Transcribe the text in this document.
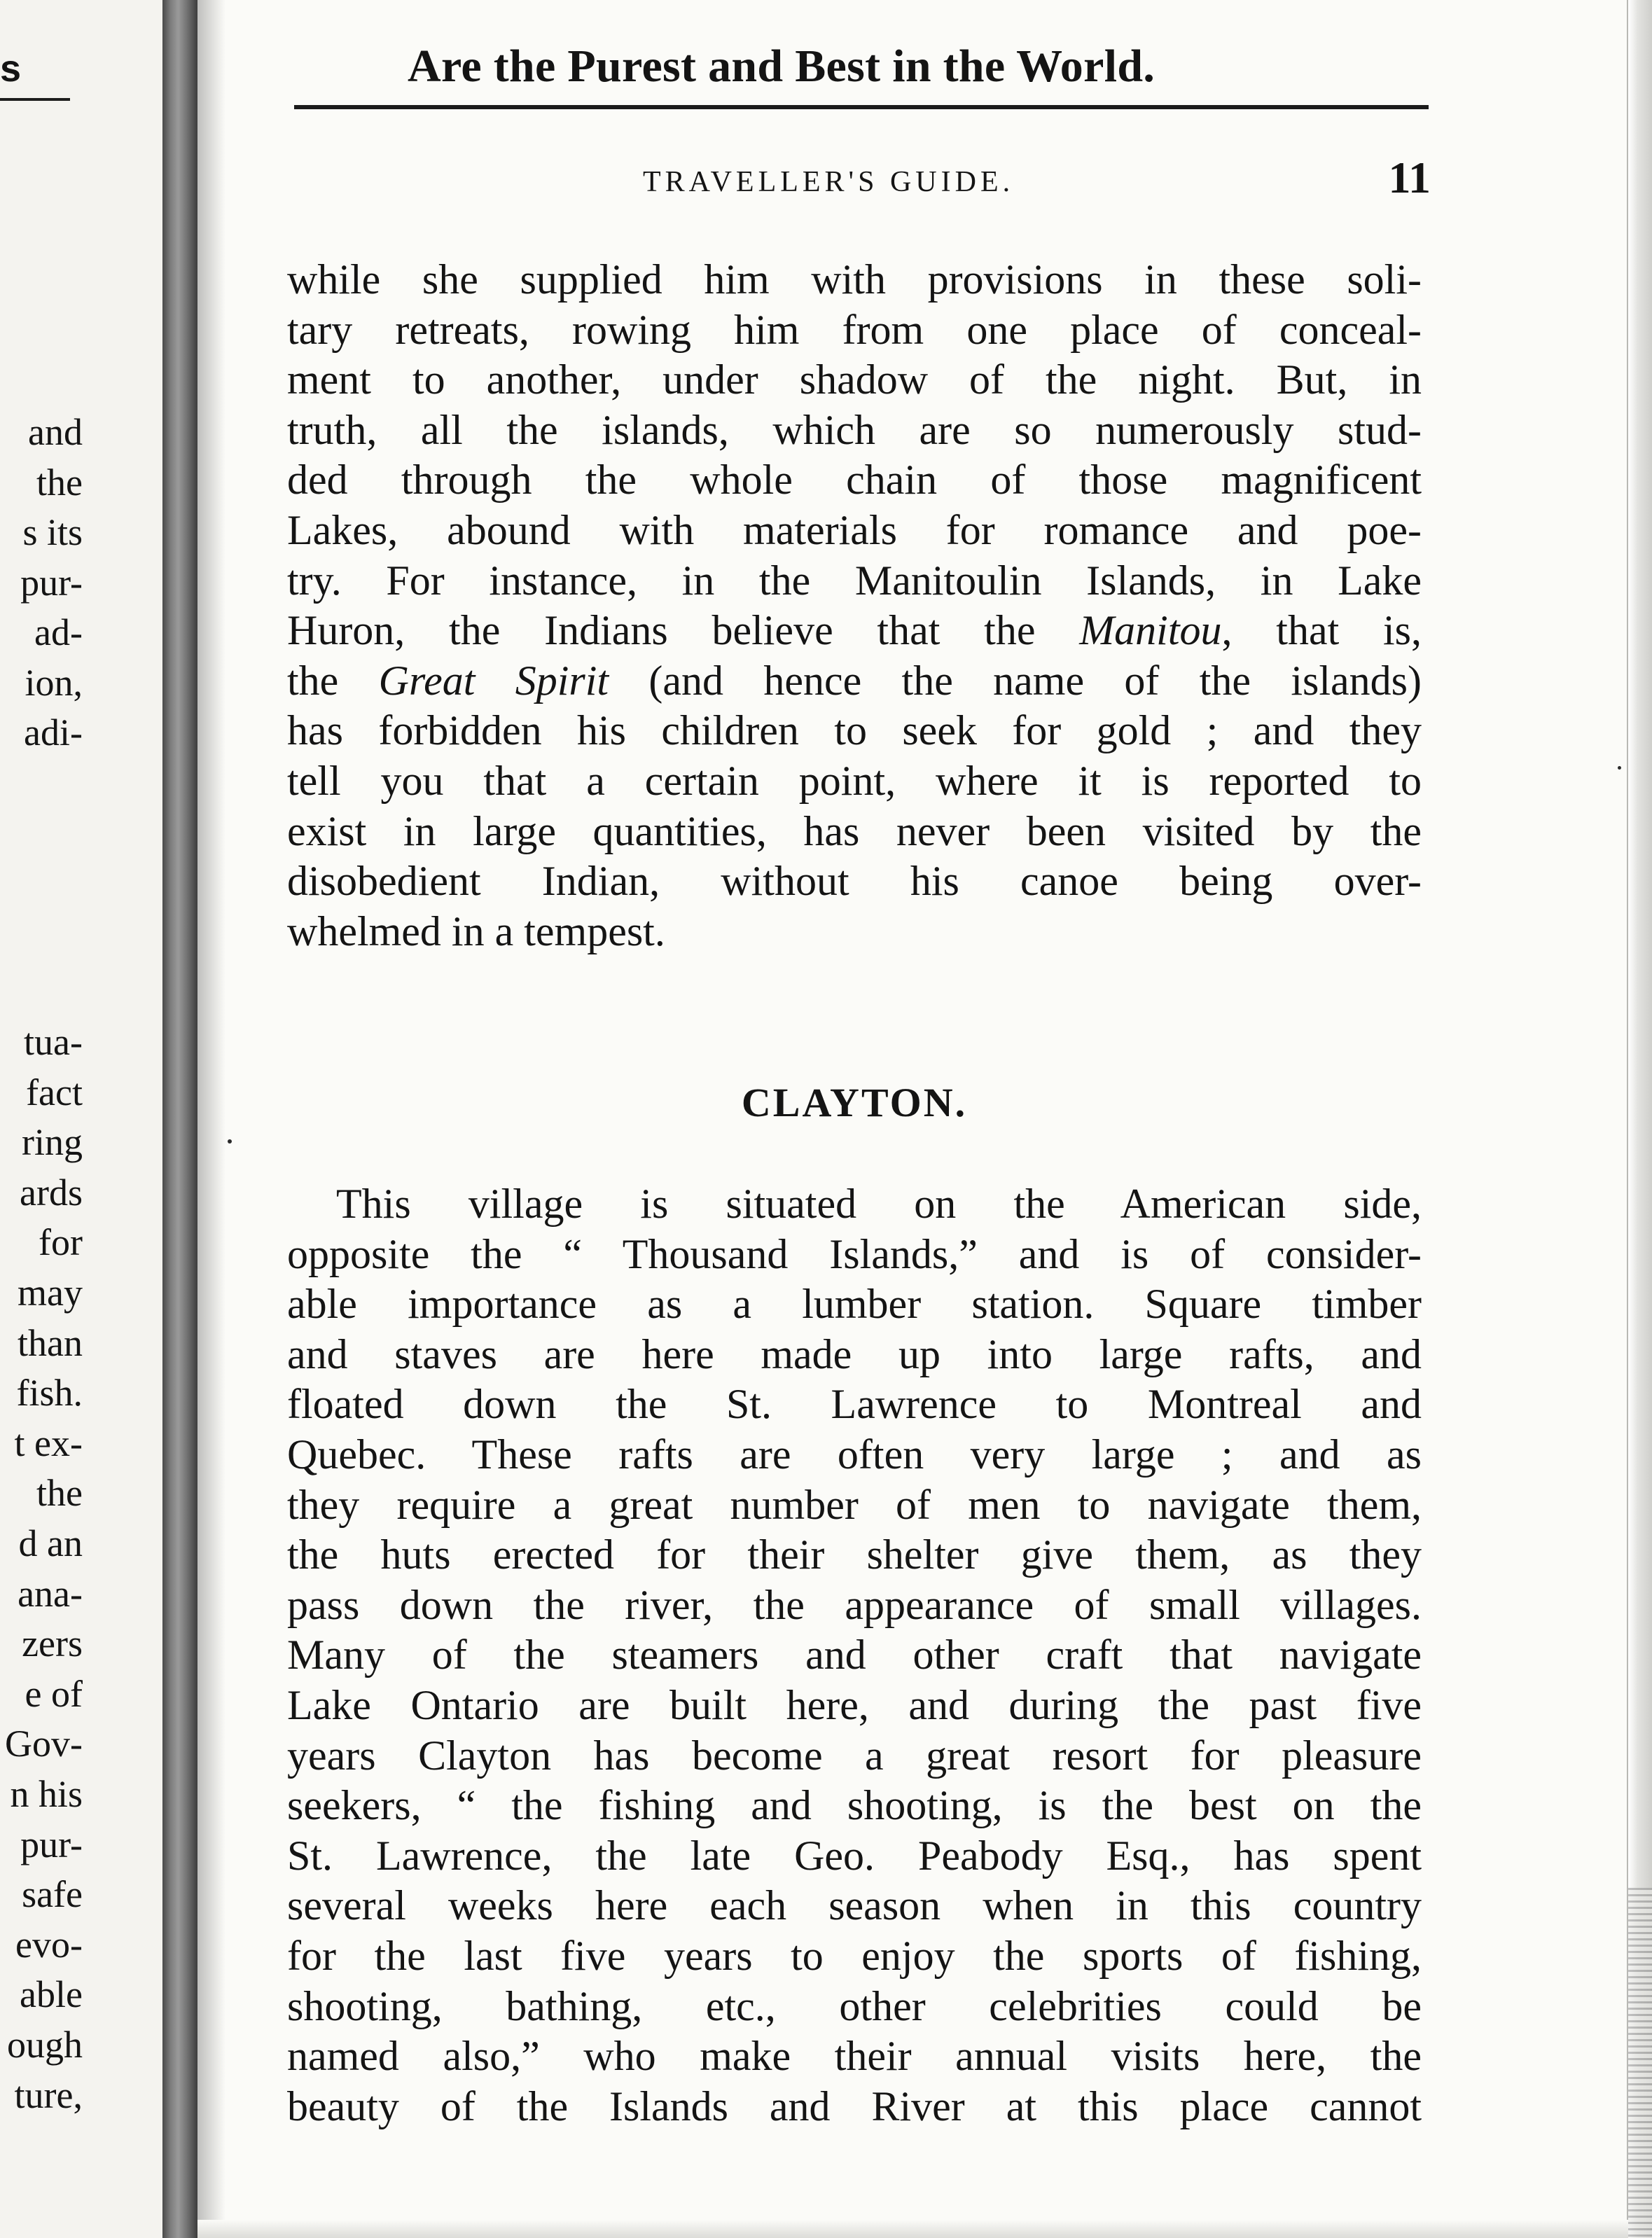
s
and
the
s its
pur-
ad-
ion,
adi-
tua-
fact
ring
ards
for
may
than
fish.
t ex-
the
d an
ana-
zers
e of
Gov-
n his
pur-
safe
evo-
able
ough
ture,
Are the Purest and Best in the World.
TRAVELLER'S GUIDE.	11
while she supplied him with provisions in these soli-
tary retreats, rowing him from one place of conceal-
ment to another, under shadow of the night. But, in
truth, all the islands, which are so numerously stud-
ded through the whole chain of those magnificent
Lakes, abound with materials for romance and poe-
try. For instance, in the Manitoulin Islands, in Lake
Huron, the Indians believe that the Manitou, that is,
the Great Spirit (and hence the name of the islands)
has forbidden his children to seek for gold ; and they
tell you that a certain point, where it is reported to
exist in large quantities, has never been visited by the
disobedient Indian, without his canoe being over-
whelmed in a tempest.
CLAYTON.
This village is situated on the American side,
opposite the “ Thousand Islands,” and is of consider-
able importance as a lumber station. Square timber
and staves are here made up into large rafts, and
floated down the St. Lawrence to Montreal and
Quebec. These rafts are often very large ; and as
they require a great number of men to navigate them,
the huts erected for their shelter give them, as they
pass down the river, the appearance of small villages.
Many of the steamers and other craft that navigate
Lake Ontario are built here, and during the past five
years Clayton has become a great resort for pleasure
seekers, “ the fishing and shooting, is the best on the
St. Lawrence, the late Geo. Peabody Esq., has spent
several weeks here each season when in this country
for the last five years to enjoy the sports of fishing,
shooting, bathing, etc., other celebrities could be
named also,” who make their annual visits here, the
beauty of the Islands and River at this place cannot
